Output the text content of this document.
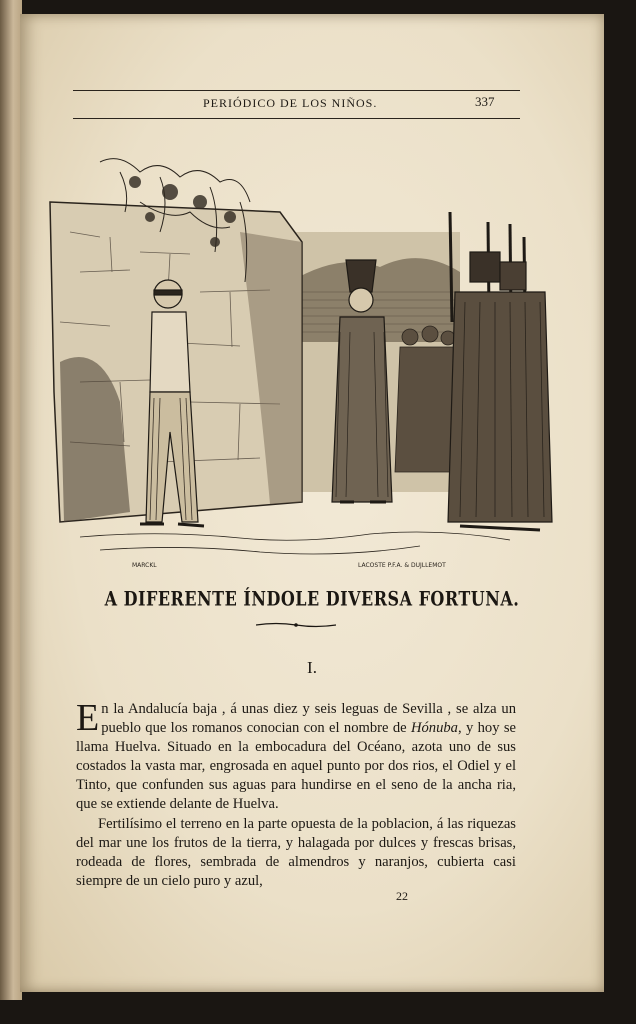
PERIÓDICO DE LOS NIÑOS.	337
MARCKL	LACOSTE P.F.A. & DUJLLEMOT
A DIFERENTE ÍNDOLE DIVERSA FORTUNA.
I.

En la Andalucía baja , á unas diez y seis leguas de Sevilla , se alza un pueblo que los romanos conocian con el nombre de Hónuba, y hoy se llama Huelva. Situado en la embocadura del Océano, azota uno de sus costados la vasta mar, engrosada en aquel punto por dos rios, el Odiel y el Tinto, que confunden sus aguas para hundirse en el seno de la ancha ria, que se extiende delante de Huelva.

Fertilísimo el terreno en la parte opuesta de la poblacion, á las riquezas del mar une los frutos de la tierra, y halagada por dulces y frescas brisas, rodeada de flores, sembrada de almendros y naranjos, cubierta casi siempre de un cielo puro y azul,

22
